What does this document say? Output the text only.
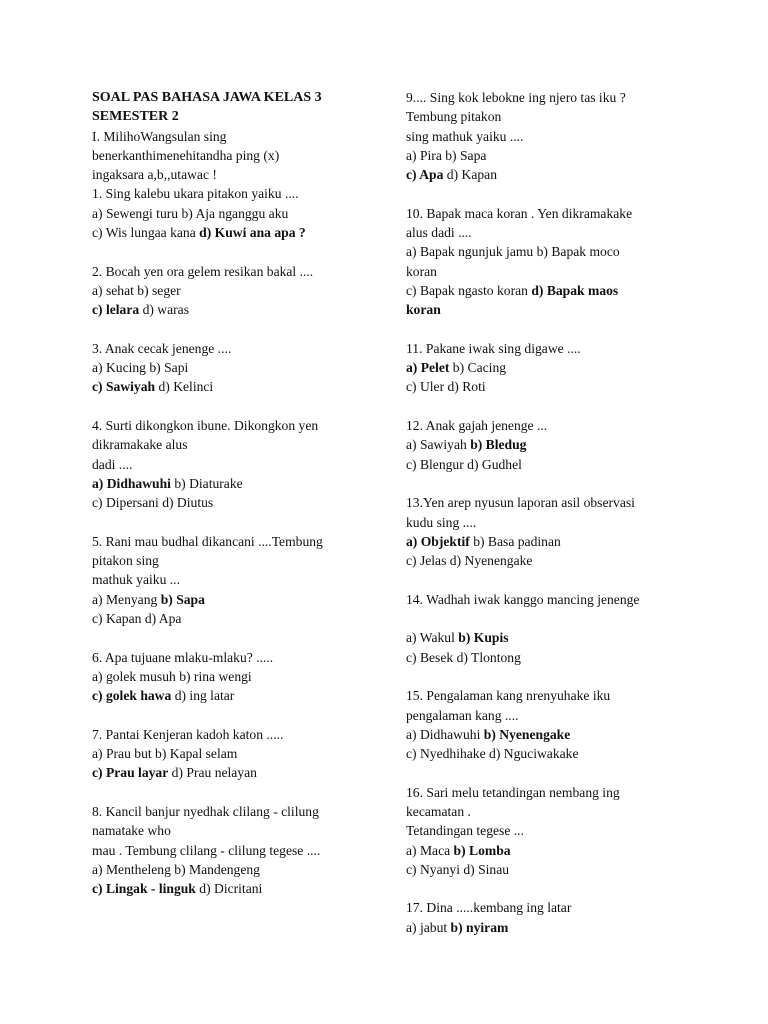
SOAL PAS BAHASA JAWA KELAS 3
SEMESTER 2
I. MilihoWangsulan sing
benerkanthimenehitandha ping (x)
ingaksara a,b,,utawac !
1. Sing kalebu ukara pitakon yaiku ....
a) Sewengi turu b) Aja nganggu aku
c) Wis lungaa kana d) Kuwi ana apa ?
2. Bocah yen ora gelem resikan bakal ....
a) sehat b) seger
c) lelara d) waras
3. Anak cecak jenenge ....
a) Kucing b) Sapi
c) Sawiyah d) Kelinci
4. Surti dikongkon ibune. Dikongkon yen
dikramakake alus
dadi ....
a) Didhawuhi b) Diaturake
c) Dipersani d) Diutus
5. Rani mau budhal dikancani ....Tembung
pitakon sing
mathuk yaiku ...
a) Menyang b) Sapa
c) Kapan d) Apa
6. Apa tujuane mlaku-mlaku? .....
a) golek musuh b) rina wengi
c) golek hawa d) ing latar
7. Pantai Kenjeran kadoh katon .....
a) Prau but b) Kapal selam
c) Prau layar d) Prau nelayan
8. Kancil banjur nyedhak clilang - clilung
namatake who
mau . Tembung clilang - clilung tegese ....
a) Mentheleng b) Mandengeng
c) Lingak - linguk d) Dicritani
9.... Sing kok lebokne ing njero tas iku ?
Tembung pitakon
sing mathuk yaiku ....
a) Pira b) Sapa
c) Apa d) Kapan
10. Bapak maca koran . Yen dikramakake
alus dadi ....
a) Bapak ngunjuk jamu b) Bapak moco
koran
c) Bapak ngasto koran d) Bapak maos
koran
11. Pakane iwak sing digawe ....
a) Pelet b) Cacing
c) Uler d) Roti
12. Anak gajah jenenge ...
a) Sawiyah b) Bledug
c) Blengur d) Gudhel
13.Yen arep nyusun laporan asil observasi
kudu sing ....
a) Objektif b) Basa padinan
c) Jelas d) Nyenengake
14. Wadhah iwak kanggo mancing jenenge
a) Wakul b) Kupis
c) Besek d) Tlontong
15. Pengalaman kang nrenyuhake iku
pengalaman kang ....
a) Didhawuhi b) Nyenengake
c) Nyedhihake d) Nguciwakake
16. Sari melu tetandingan nembang ing
kecamatan .
Tetandingan tegese ...
a) Maca b) Lomba
c) Nyanyi d) Sinau
17. Dina .....kembang ing latar
a) jabut b) nyiram
